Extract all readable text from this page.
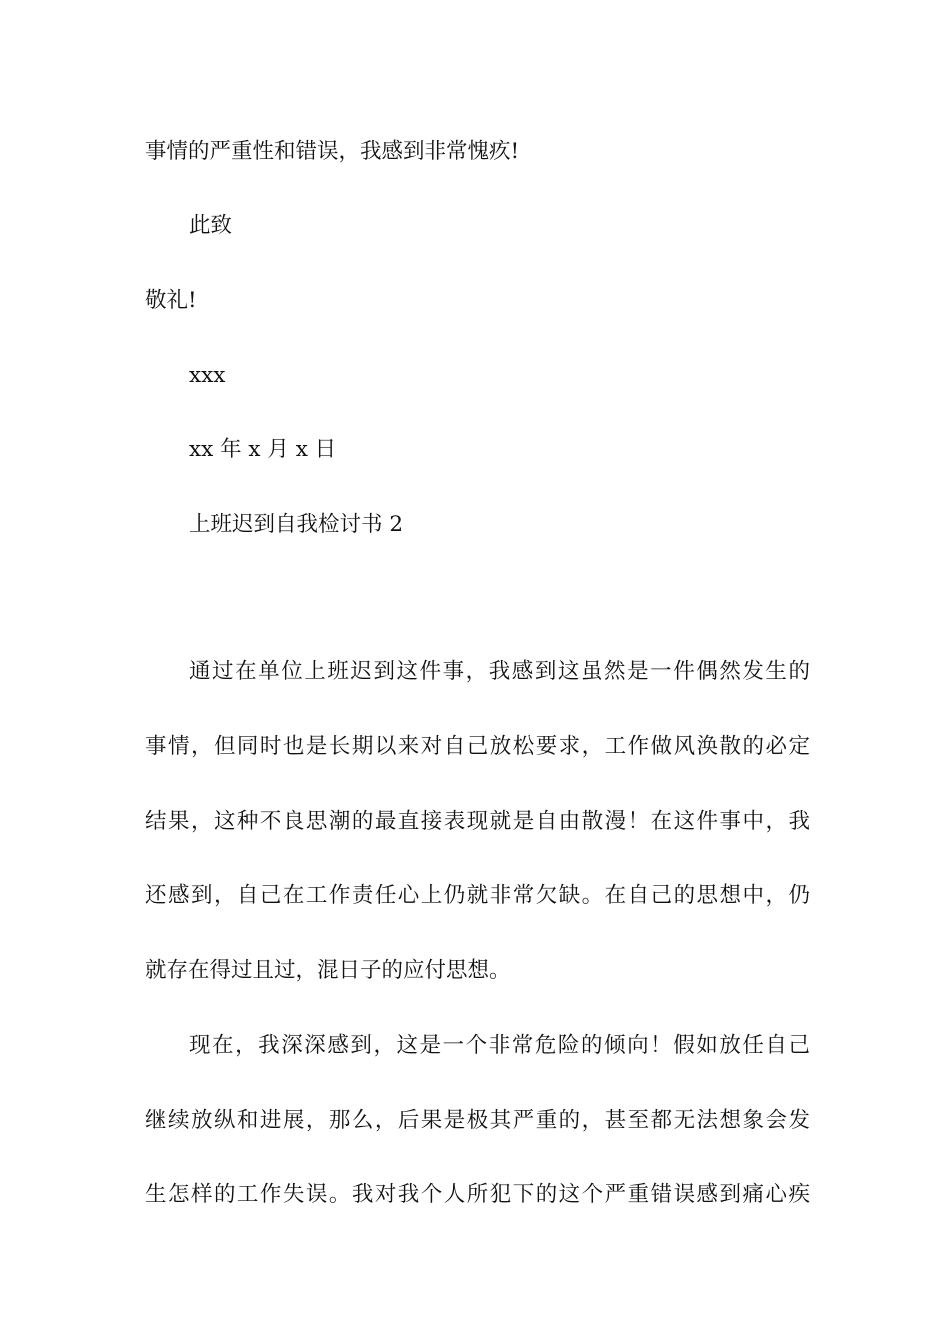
事情的严重性和错误，我感到非常愧疚!
此致
敬礼!
xxx
xx 年 x 月 x 日
上班迟到自我检讨书 2
通过在单位上班迟到这件事，我感到这虽然是一件偶然发生的
事情，但同时也是长期以来对自己放松要求，工作做风涣散的必定
结果，这种不良思潮的最直接表现就是自由散漫！在这件事中，我
还感到，自己在工作责任心上仍就非常欠缺。在自己的思想中，仍
就存在得过且过，混日子的应付思想。
现在，我深深感到，这是一个非常危险的倾向！假如放任自己
继续放纵和进展，那么，后果是极其严重的，甚至都无法想象会发
生怎样的工作失误。我对我个人所犯下的这个严重错误感到痛心疾
